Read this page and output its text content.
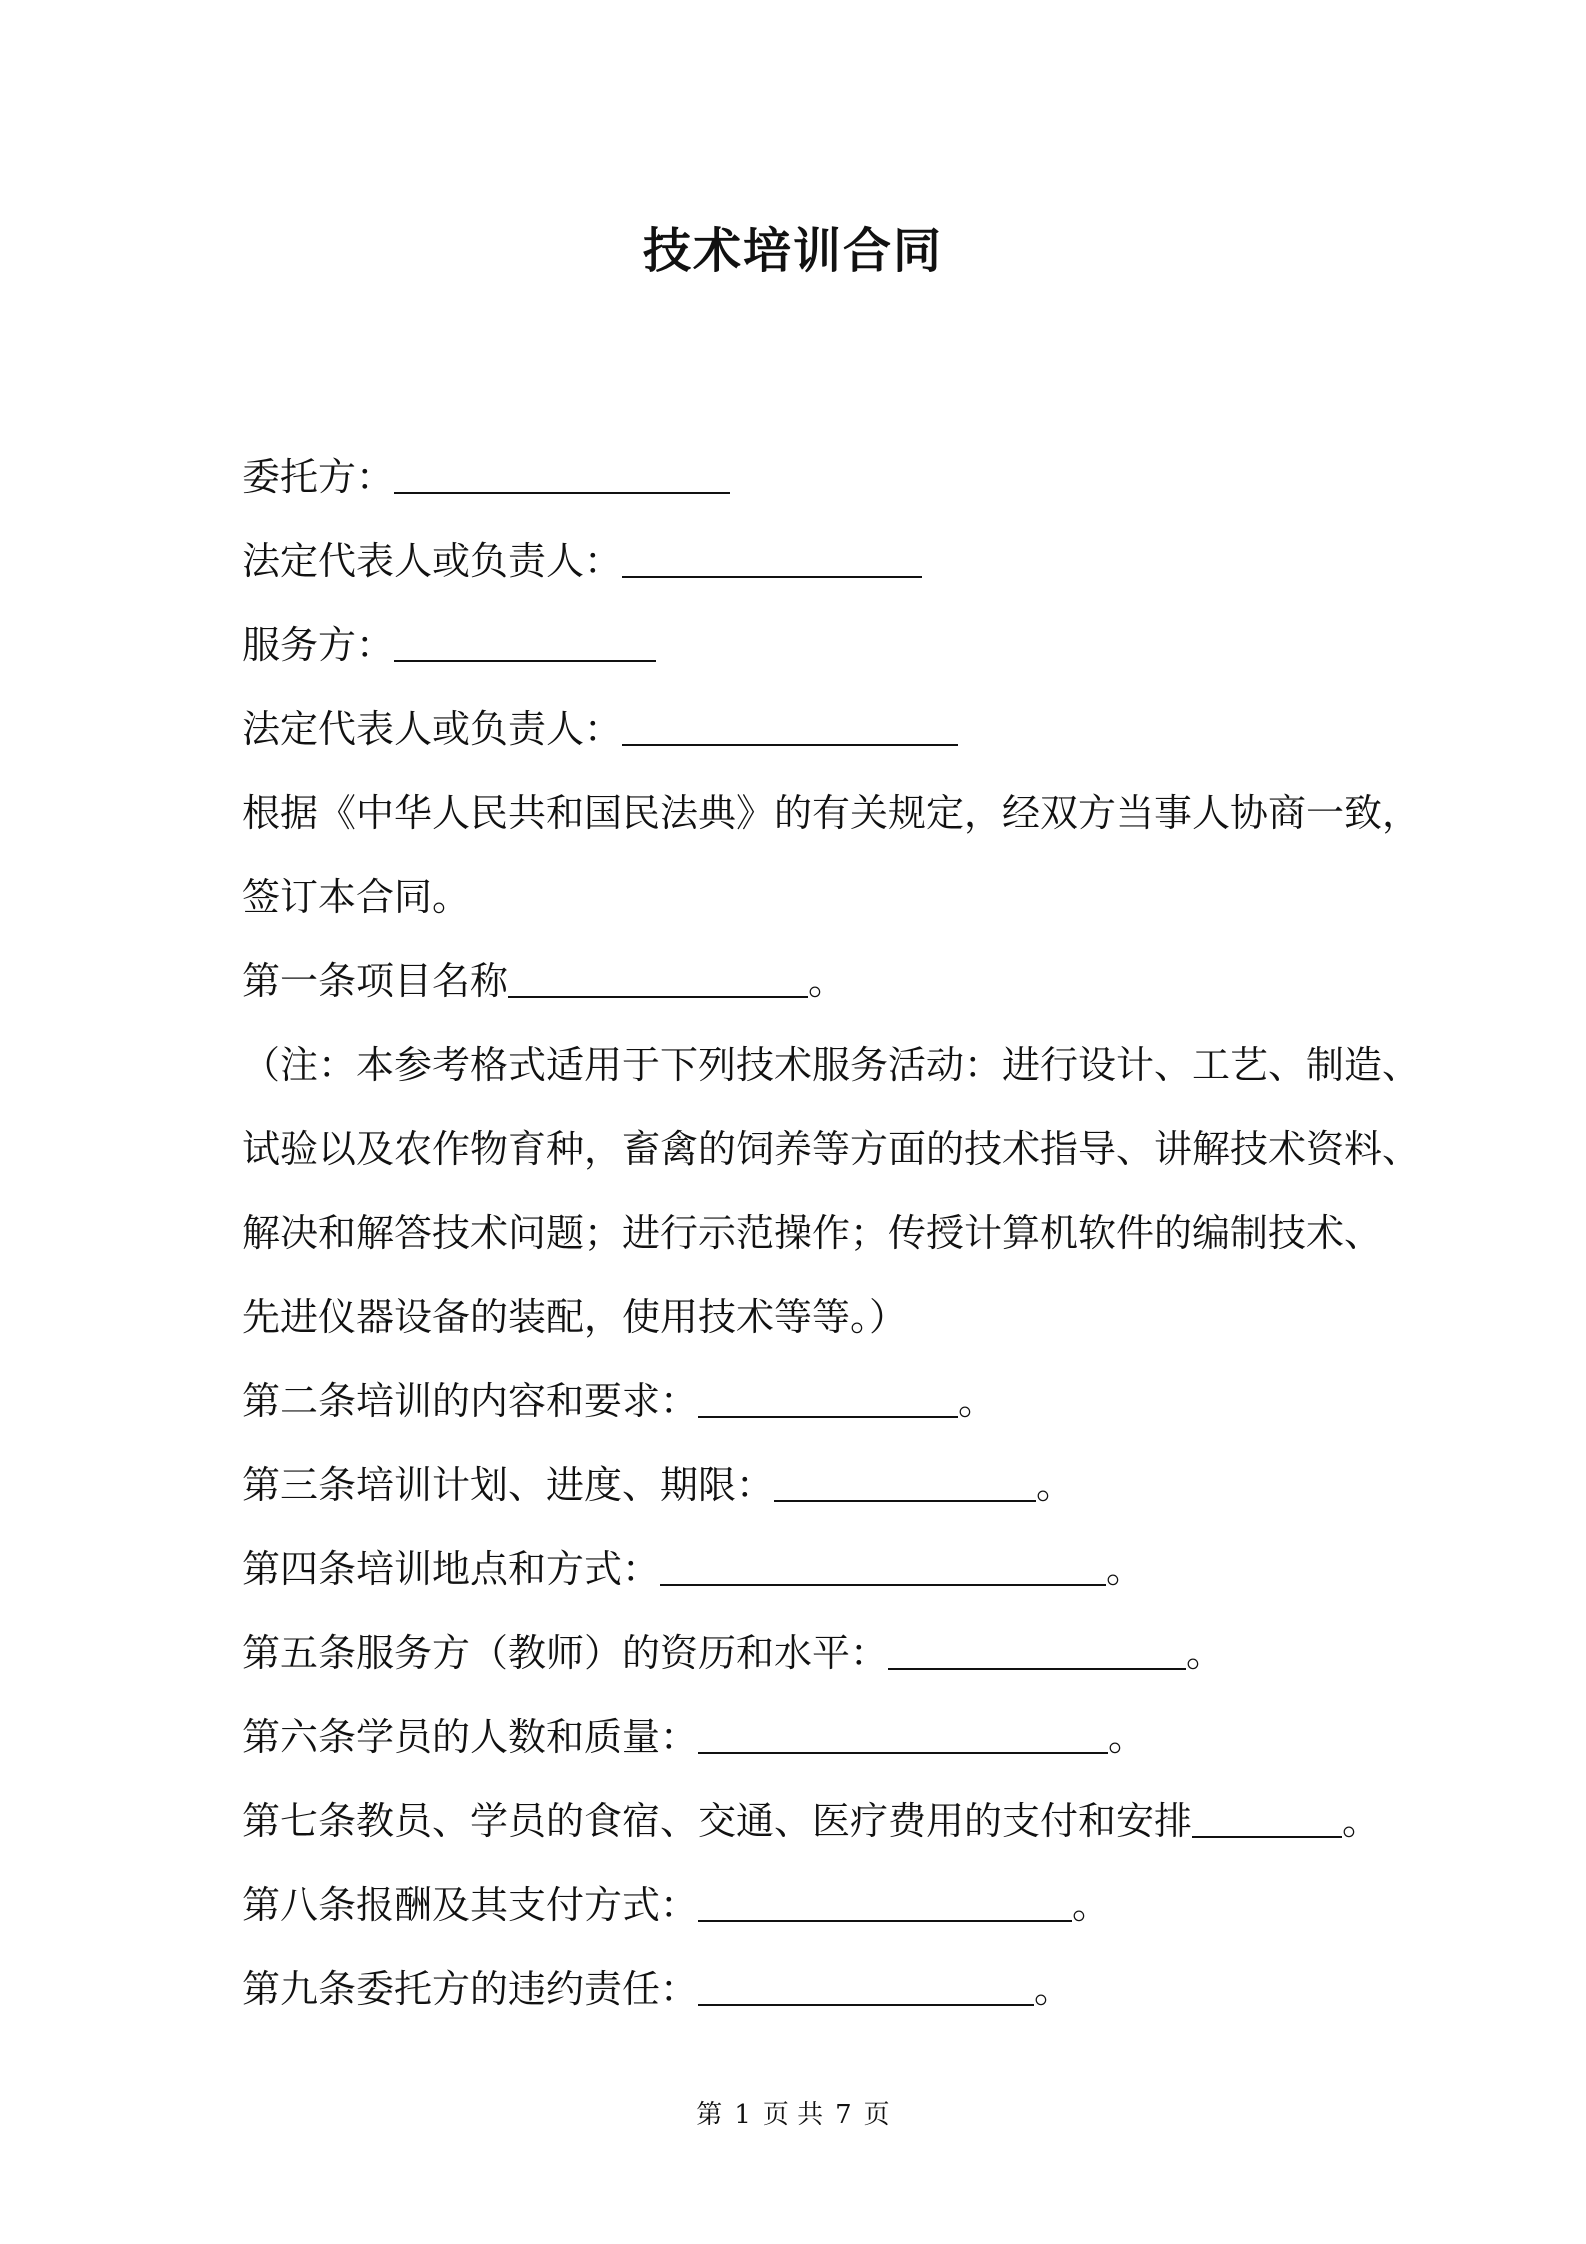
技术培训合同
委托方：
法定代表人或负责人：
服务方：
法定代表人或负责人：
根据《中华人民共和国民法典》的有关规定，经双方当事人协商一致，
签订本合同。
第一条项目名称	。
（注：本参考格式适用于下列技术服务活动：进行设计、工艺、制造、
试验以及农作物育种，畜禽的饲养等方面的技术指导、讲解技术资料、
解决和解答技术问题；进行示范操作；传授计算机软件的编制技术、
先进仪器设备的装配，使用技术等等。）
第二条培训的内容和要求：	。
第三条培训计划、进度、期限：	。
第四条培训地点和方式：	。
第五条服务方（教师）的资历和水平：	。
第六条学员的人数和质量：	。
第七条教员、学员的食宿、交通、医疗费用的支付和安排	。
第八条报酬及其支付方式：	。
第九条委托方的违约责任：	。
第 1 页 共 7 页
